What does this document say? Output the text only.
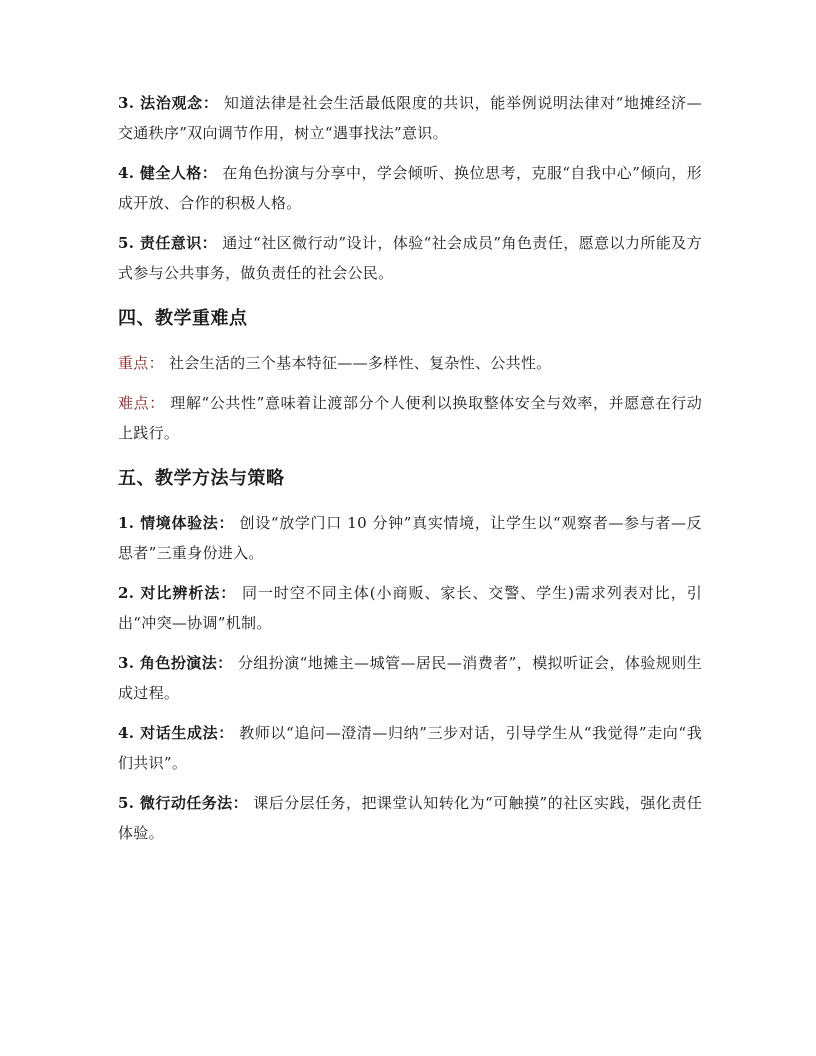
3. 法治观念： 知道法律是社会生活最低限度的共识，能举例说明法律对“地摊经济—交通秩序”双向调节作用，树立“遇事找法”意识。

4. 健全人格： 在角色扮演与分享中，学会倾听、换位思考，克服“自我中心”倾向，形成开放、合作的积极人格。

5. 责任意识： 通过“社区微行动”设计，体验“社会成员”角色责任，愿意以力所能及方式参与公共事务，做负责任的社会公民。

四、教学重难点

重点： 社会生活的三个基本特征——多样性、复杂性、公共性。

难点： 理解“公共性”意味着让渡部分个人便利以换取整体安全与效率，并愿意在行动上践行。

五、教学方法与策略

1. 情境体验法： 创设“放学门口 10 分钟”真实情境，让学生以“观察者—参与者—反思者”三重身份进入。

2. 对比辨析法： 同一时空不同主体(小商贩、家长、交警、学生)需求列表对比，引出“冲突—协调”机制。

3. 角色扮演法： 分组扮演“地摊主—城管—居民—消费者”，模拟听证会，体验规则生成过程。

4. 对话生成法： 教师以“追问—澄清—归纳”三步对话，引导学生从“我觉得”走向“我们共识”。

5. 微行动任务法： 课后分层任务，把课堂认知转化为“可触摸”的社区实践，强化责任体验。
